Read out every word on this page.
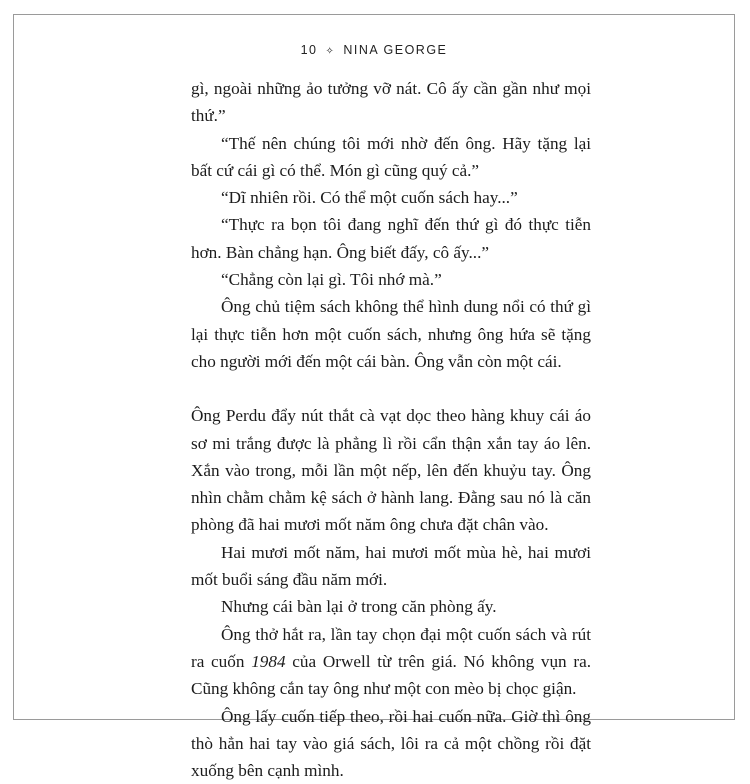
10 ✧ NINA GEORGE

gì, ngoài những ảo tưởng vỡ nát. Cô ấy cần gần như mọi thứ.”

“Thế nên chúng tôi mới nhờ đến ông. Hãy tặng lại bất cứ cái gì có thể. Món gì cũng quý cả.”

“Dĩ nhiên rồi. Có thể một cuốn sách hay...”

“Thực ra bọn tôi đang nghĩ đến thứ gì đó thực tiễn hơn. Bàn chẳng hạn. Ông biết đấy, cô ấy...”

“Chẳng còn lại gì. Tôi nhớ mà.”

Ông chủ tiệm sách không thể hình dung nổi có thứ gì lại thực tiễn hơn một cuốn sách, nhưng ông hứa sẽ tặng cho người mới đến một cái bàn. Ông vẫn còn một cái.

Ông Perdu đẩy nút thắt cà vạt dọc theo hàng khuy cái áo sơ mi trắng được là phẳng lì rồi cẩn thận xắn tay áo lên. Xắn vào trong, mỗi lần một nếp, lên đến khuỷu tay. Ông nhìn chằm chằm kệ sách ở hành lang. Đằng sau nó là căn phòng đã hai mươi mốt năm ông chưa đặt chân vào.

Hai mươi mốt năm, hai mươi mốt mùa hè, hai mươi mốt buổi sáng đầu năm mới.

Nhưng cái bàn lại ở trong căn phòng ấy.

Ông thở hắt ra, lần tay chọn đại một cuốn sách và rút ra cuốn 1984 của Orwell từ trên giá. Nó không vụn ra. Cũng không cắn tay ông như một con mèo bị chọc giận.

Ông lấy cuốn tiếp theo, rồi hai cuốn nữa. Giờ thì ông thò hẳn hai tay vào giá sách, lôi ra cả một chồng rồi đặt xuống bên cạnh mình.
